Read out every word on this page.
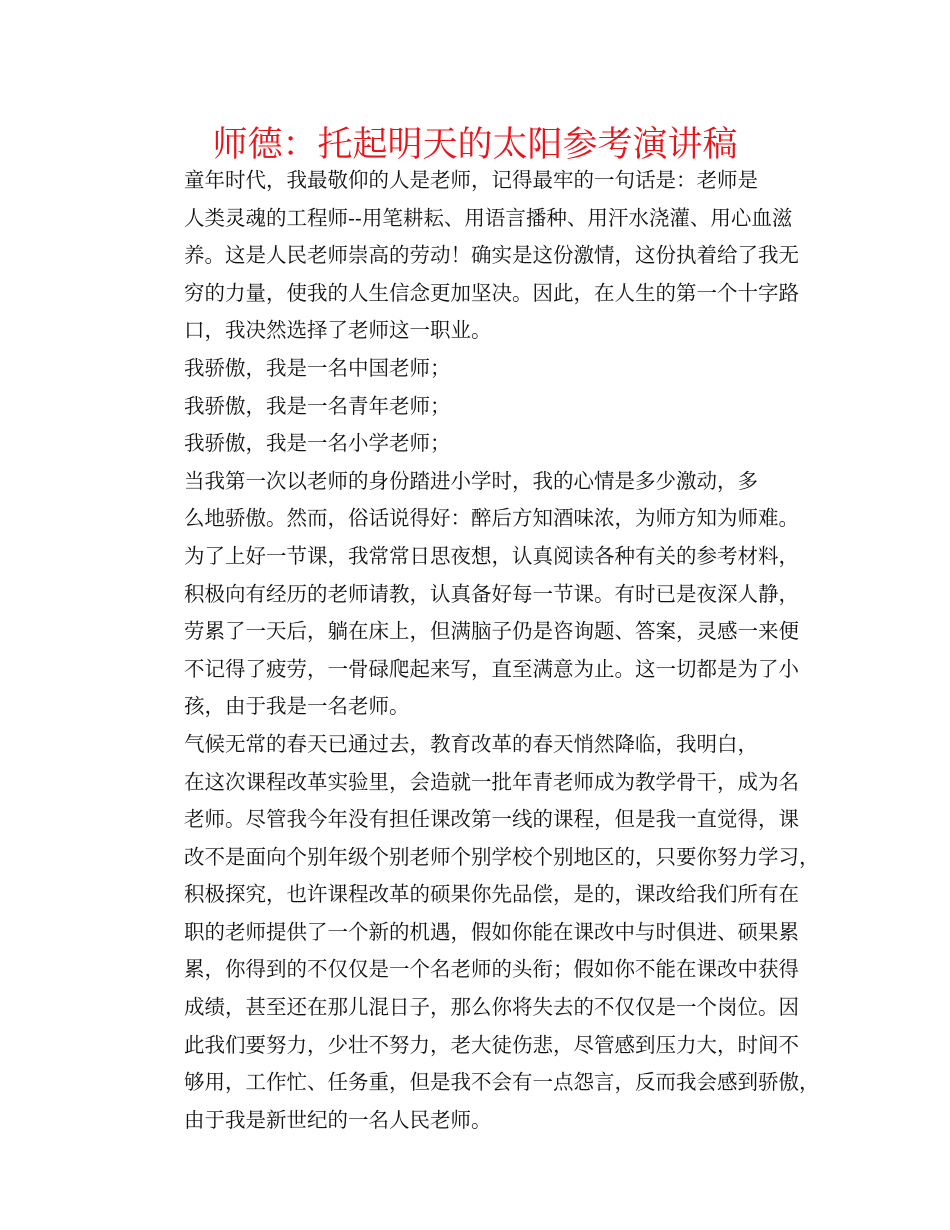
师德：托起明天的太阳参考演讲稿

童年时代，我最敬仰的人是老师，记得最牢的一句话是：老师是
人类灵魂的工程师--用笔耕耘、用语言播种、用汗水浇灌、用心血滋
养。这是人民老师崇高的劳动！确实是这份激情，这份执着给了我无
穷的力量，使我的人生信念更加坚决。因此，在人生的第一个十字路
口，我决然选择了老师这一职业。

我骄傲，我是一名中国老师；

我骄傲，我是一名青年老师；

我骄傲，我是一名小学老师；

当我第一次以老师的身份踏进小学时，我的心情是多少激动，多
么地骄傲。然而，俗话说得好：醉后方知酒味浓，为师方知为师难。
为了上好一节课，我常常日思夜想，认真阅读各种有关的参考材料，
积极向有经历的老师请教，认真备好每一节课。有时已是夜深人静，
劳累了一天后，躺在床上，但满脑子仍是咨询题、答案，灵感一来便
不记得了疲劳，一骨碌爬起来写，直至满意为止。这一切都是为了小
孩，由于我是一名老师。

气候无常的春天已通过去，教育改革的春天悄然降临，我明白，
在这次课程改革实验里，会造就一批年青老师成为教学骨干，成为名
老师。尽管我今年没有担任课改第一线的课程，但是我一直觉得，课
改不是面向个别年级个别老师个别学校个别地区的，只要你努力学习，
积极探究，也许课程改革的硕果你先品偿，是的，课改给我们所有在
职的老师提供了一个新的机遇，假如你能在课改中与时俱进、硕果累
累，你得到的不仅仅是一个名老师的头衔；假如你不能在课改中获得
成绩，甚至还在那儿混日子，那么你将失去的不仅仅是一个岗位。因
此我们要努力，少壮不努力，老大徒伤悲，尽管感到压力大，时间不
够用，工作忙、任务重，但是我不会有一点怨言，反而我会感到骄傲，
由于我是新世纪的一名人民老师。
